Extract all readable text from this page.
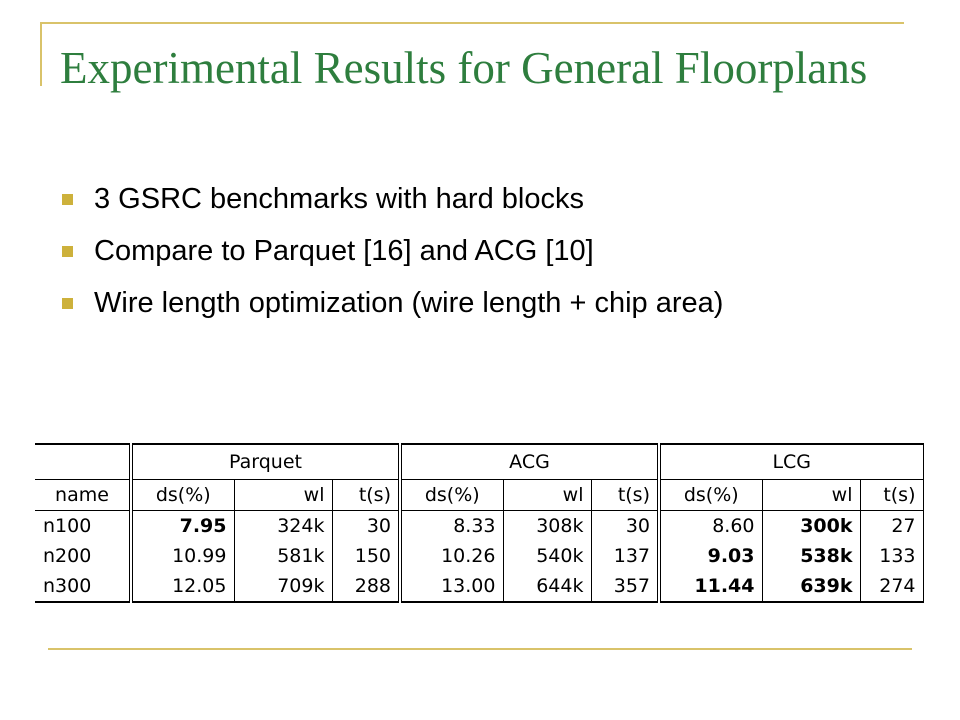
Experimental Results for General Floorplans
3 GSRC benchmarks with hard blocks
Compare to Parquet [16] and ACG [10]
Wire length optimization (wire length + chip area)
	Parquet			ACG			LCG		
name	ds(%)	wl	t(s)	ds(%)	wl	t(s)	ds(%)	wl	t(s)
n100	7.95	324k	30	8.33	308k	30	8.60	300k	27
n200	10.99	581k	150	10.26	540k	137	9.03	538k	133
n300	12.05	709k	288	13.00	644k	357	11.44	639k	274
